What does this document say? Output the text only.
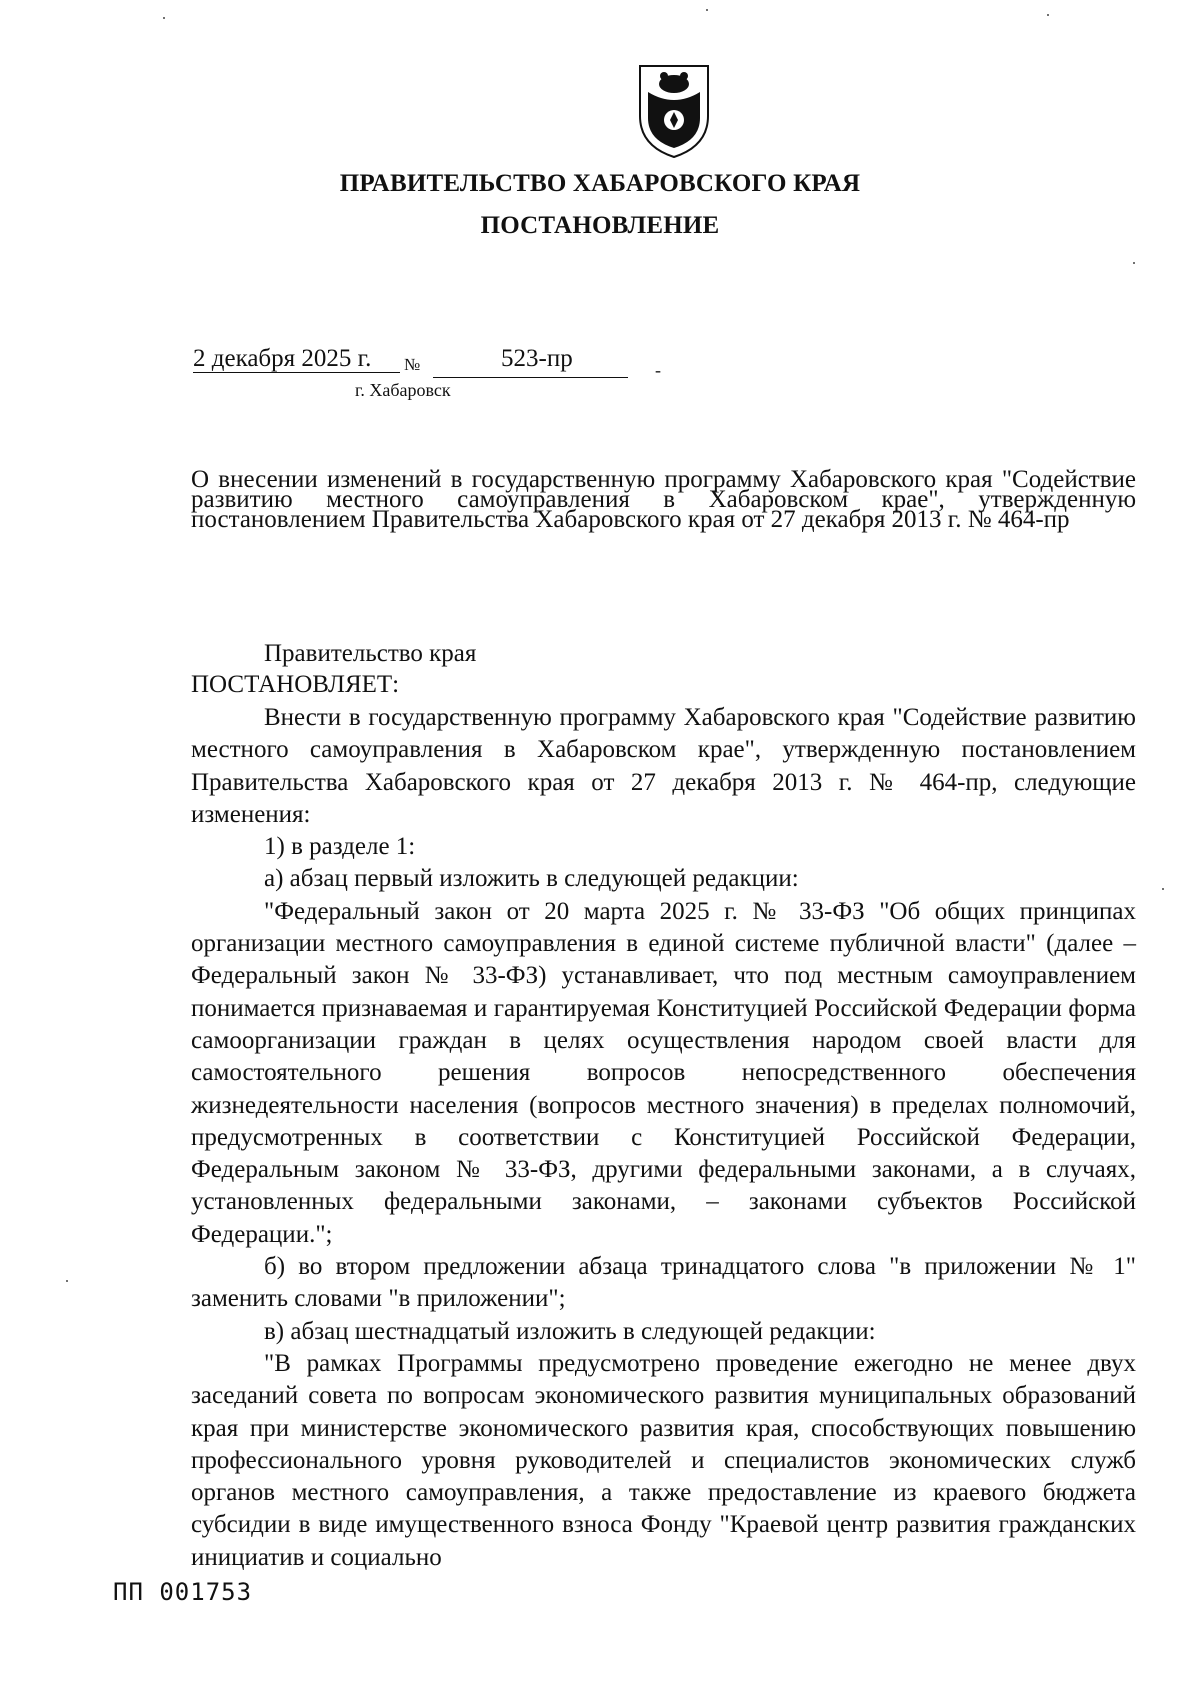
ПРАВИТЕЛЬСТВО ХАБАРОВСКОГО КРАЯ
ПОСТАНОВЛЕНИЕ
2 декабря 2025 г. №	523-пр	-
г. Хабаровск
О внесении изменений в государственную программу Хабаровского края "Содействие развитию местного самоуправления в Хабаровском крае", утвержденную постановлением Правительства Хабаровского края от 27 декабря 2013 г. № 464-пр
Правительство края
ПОСТАНОВЛЯЕТ:

Внести в государственную программу Хабаровского края "Содействие развитию местного самоуправления в Хабаровском крае", утвержденную постановлением Правительства Хабаровского края от 27 декабря 2013 г. № 464-пр, следующие изменения:

1) в разделе 1:

а) абзац первый изложить в следующей редакции:

"Федеральный закон от 20 марта 2025 г. № 33-ФЗ "Об общих принципах организации местного самоуправления в единой системе публичной власти" (далее – Федеральный закон № 33-ФЗ) устанавливает, что под местным самоуправлением понимается признаваемая и гарантируемая Конституцией Российской Федерации форма самоорганизации граждан в целях осуществления народом своей власти для самостоятельного решения вопросов непосредственного обеспечения жизнедеятельности населения (вопросов местного значения) в пределах полномочий, предусмотренных в соответствии с Конституцией Российской Федерации, Федеральным законом № 33-ФЗ, другими федеральными законами, а в случаях, установленных федеральными законами, – законами субъектов Российской Федерации.";

б) во втором предложении абзаца тринадцатого слова "в приложении № 1" заменить словами "в приложении";

в) абзац шестнадцатый изложить в следующей редакции:

"В рамках Программы предусмотрено проведение ежегодно не менее двух заседаний совета по вопросам экономического развития муниципальных образований края при министерстве экономического развития края, способствующих повышению профессионального уровня руководителей и специалистов экономических служб органов местного самоуправления, а также предоставление из краевого бюджета субсидии в виде имущественного взноса Фонду "Краевой центр развития гражданских инициатив и социально

ПП 001753
